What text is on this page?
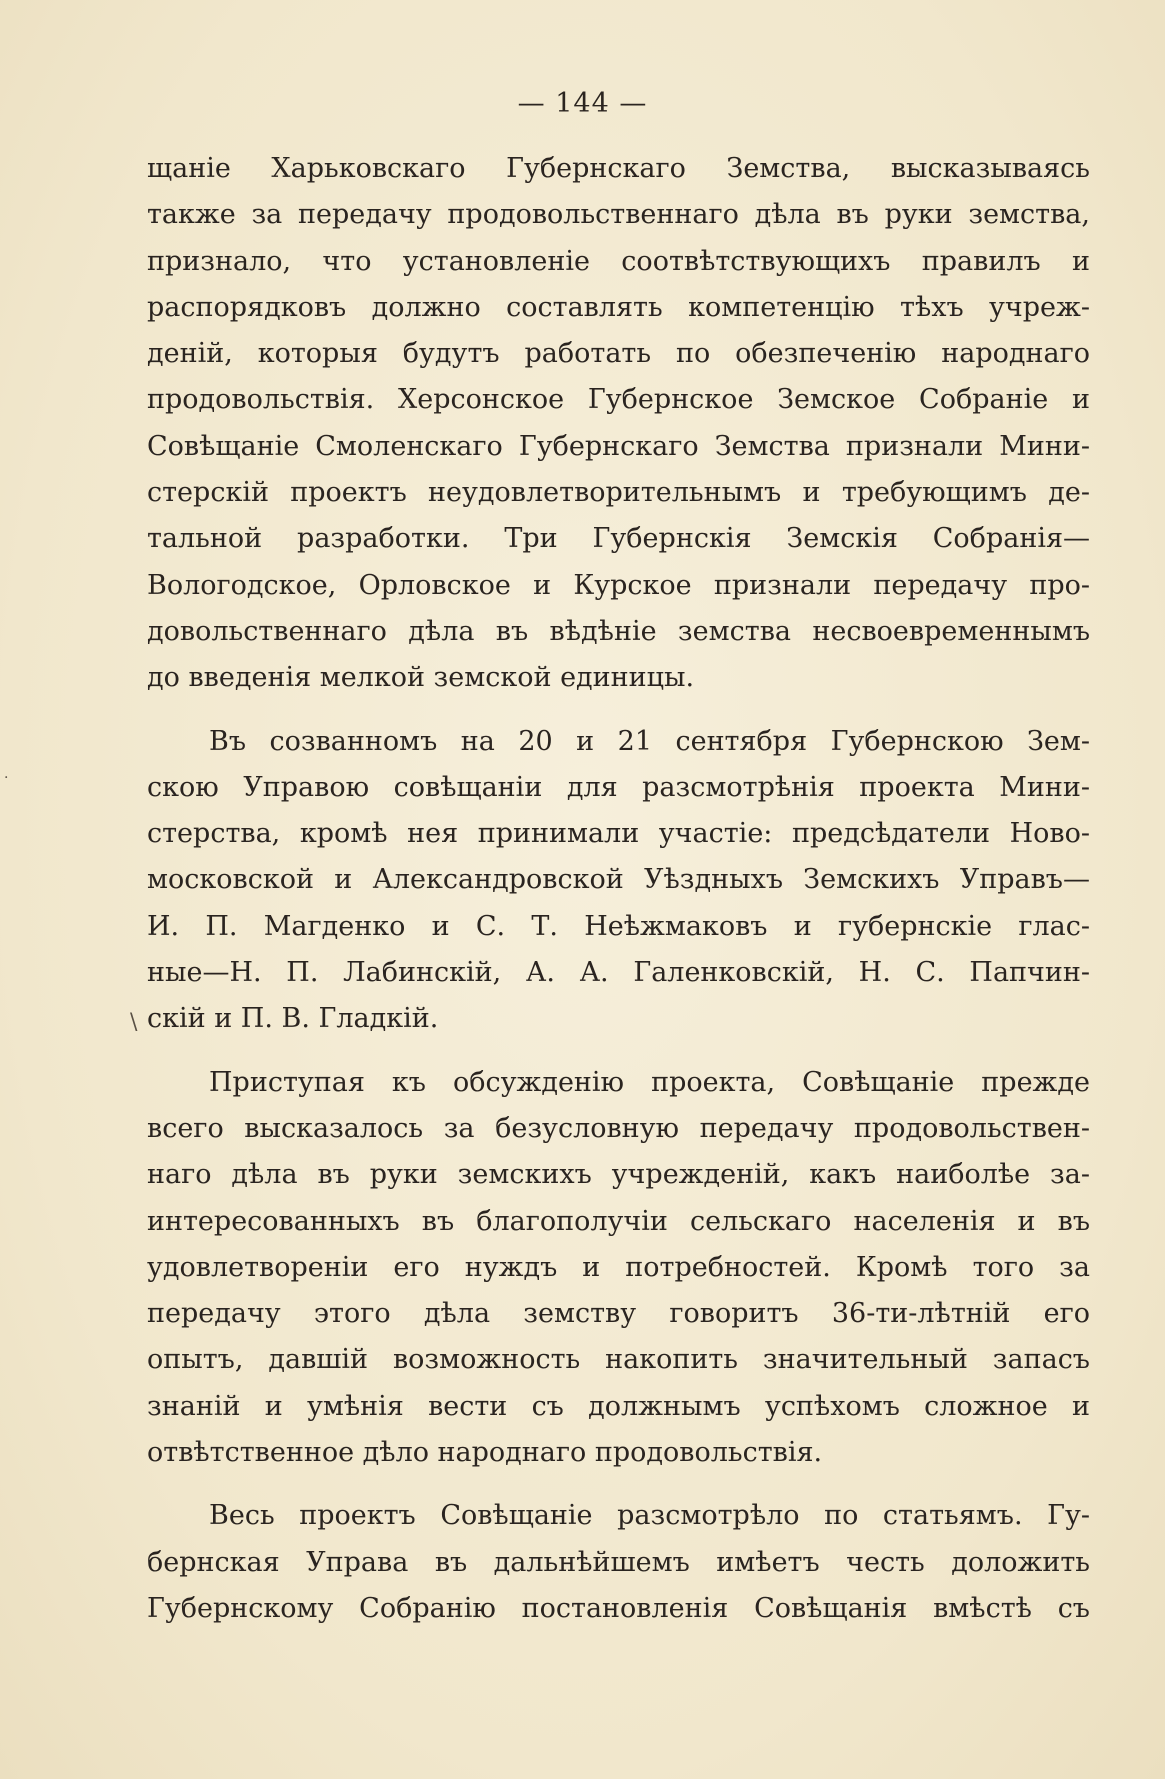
— 144 —
щаніе Харьковскаго Губернскаго Земства, высказываясь
также за передачу продовольственнаго дѣла въ руки земства,
признало, что установленіе соотвѣтствующихъ правилъ и
распорядковъ должно составлять компетенцію тѣхъ учреж-
деній, которыя будутъ работать по обезпеченію народнаго
продовольствія. Херсонское Губернское Земское Собраніе и
Совѣщаніе Смоленскаго Губернскаго Земства признали Мини-
стерскій проектъ неудовлетворительнымъ и требующимъ де-
тальной разработки. Три Губернскія Земскія Собранія—
Вологодское, Орловское и Курское признали передачу про-
довольственнаго дѣла въ вѣдѣніе земства несвоевременнымъ
до введенія мелкой земской единицы.
Въ созванномъ на 20 и 21 сентября Губернскою Зем-
скою Управою совѣщаніи для разсмотрѣнія проекта Мини-
стерства, кромѣ нея принимали участіе: предсѣдатели Ново-
московской и Александровской Уѣздныхъ Земскихъ Управъ—
И. П. Магденко и С. Т. Неѣжмаковъ и губернскіе глас-
ные—Н. П. Лабинскій, А. А. Галенковскій, Н. С. Папчин-
скій и П. В. Гладкій.
Приступая къ обсужденію проекта, Совѣщаніе прежде
всего высказалось за безусловную передачу продовольствен-
наго дѣла въ руки земскихъ учрежденій, какъ наиболѣе за-
интересованныхъ въ благополучіи сельскаго населенія и въ
удовлетвореніи его нуждъ и потребностей. Кромѣ того за
передачу этого дѣла земству говоритъ 36-ти-лѣтній его
опытъ, давшій возможность накопить значительный запасъ
знаній и умѣнія вести съ должнымъ успѣхомъ сложное и
отвѣтственное дѣло народнаго продовольствія.
Весь проектъ Совѣщаніе разсмотрѣло по статьямъ. Гу-
бернская Управа въ дальнѣйшемъ имѣетъ честь доложить
Губернскому Собранію постановленія Совѣщанія вмѣстѣ съ
\
·
